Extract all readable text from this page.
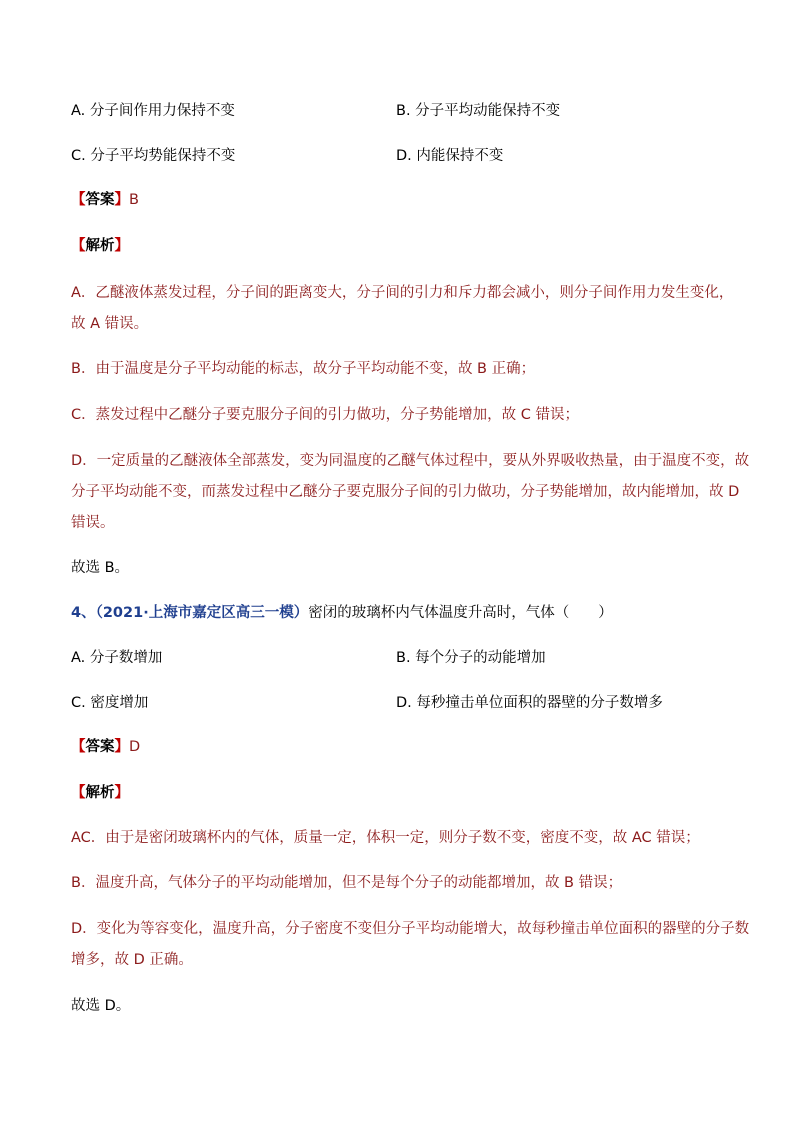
A. 分子间作用力保持不变	B. 分子平均动能保持不变
C. 分子平均势能保持不变	D. 内能保持不变
【答案】B
【解析】
A．乙醚液体蒸发过程，分子间的距离变大，分子间的引力和斥力都会减小，则分子间作用力发生变化，
故 A 错误。
B．由于温度是分子平均动能的标志，故分子平均动能不变，故 B 正确；
C．蒸发过程中乙醚分子要克服分子间的引力做功，分子势能增加，故 C 错误；
D．一定质量的乙醚液体全部蒸发，变为同温度的乙醚气体过程中，要从外界吸收热量，由于温度不变，故
分子平均动能不变，而蒸发过程中乙醚分子要克服分子间的引力做功，分子势能增加，故内能增加，故 D
错误。
故选 B。
4、（2021·上海市嘉定区高三一模）密闭的玻璃杯内气体温度升高时，气体（　　）
A. 分子数增加	B. 每个分子的动能增加
C. 密度增加	D. 每秒撞击单位面积的器壁的分子数增多
【答案】D
【解析】
AC．由于是密闭玻璃杯内的气体，质量一定，体积一定，则分子数不变，密度不变，故 AC 错误；
B．温度升高，气体分子的平均动能增加，但不是每个分子的动能都增加，故 B 错误；
D．变化为等容变化，温度升高，分子密度不变但分子平均动能增大，故每秒撞击单位面积的器壁的分子数
增多，故 D 正确。
故选 D。
